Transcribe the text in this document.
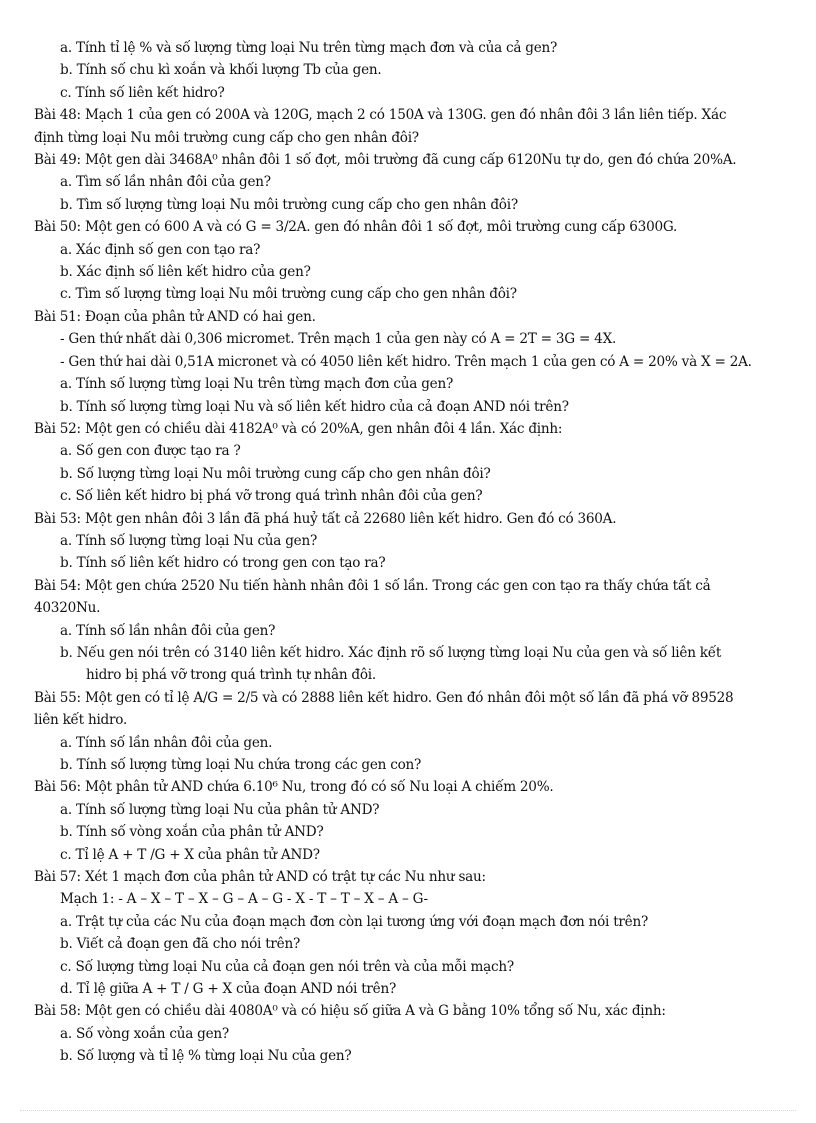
a. Tính tỉ lệ % và số lượng từng loại Nu trên từng mạch đơn và của cả gen?
b. Tính số chu kì xoắn và khối lượng Tb của gen.
c. Tính số liên kết hidro?
Bài 48: Mạch 1 của gen có 200A và 120G, mạch 2 có 150A và 130G. gen đó nhân đôi 3 lần liên tiếp. Xác
định từng loại Nu môi trường cung cấp cho gen nhân đôi?
Bài 49: Một gen dài 3468A⁰ nhân đôi 1 số đợt, môi trường đã cung cấp 6120Nu tự do, gen đó chứa 20%A.
a. Tìm số lần nhân đôi của gen?
b. Tìm số lượng từng loại Nu môi trường cung cấp cho gen nhân đôi?
Bài 50: Một gen có 600 A và có G = 3/2A. gen đó nhân đôi 1 số đợt, môi trường cung cấp 6300G.
a. Xác định số gen con tạo ra?
b. Xác định số liên kết hidro của gen?
c. Tìm số lượng từng loại Nu môi trường cung cấp cho gen nhân đôi?
Bài 51: Đoạn của phân tử AND có hai gen.
- Gen thứ nhất dài 0,306 micromet. Trên mạch 1 của gen này có A = 2T = 3G = 4X.
- Gen thứ hai dài 0,51A micronet và có 4050 liên kết hidro. Trên mạch 1 của gen có A = 20% và X = 2A.
a. Tính số lượng từng loại Nu trên từng mạch đơn của gen?
b. Tính số lượng từng loại Nu và số liên kết hidro của cả đoạn AND nói trên?
Bài 52: Một gen có chiều dài 4182A⁰ và có 20%A, gen nhân đôi 4 lần. Xác định:
a. Số gen con được tạo ra ?
b. Số lượng từng loại Nu môi trường cung cấp cho gen nhân đôi?
c. Số liên kết hidro bị phá vỡ trong quá trình nhân đôi của gen?
Bài 53: Một gen nhân đôi 3 lần đã phá huỷ tất cả 22680 liên kết hidro. Gen đó có 360A.
a. Tính số lượng từng loại Nu của gen?
b. Tính số liên kết hidro có trong gen con tạo ra?
Bài 54: Một gen chứa 2520 Nu tiến hành nhân đôi 1 số lần. Trong các gen con tạo ra thấy chứa tất cả
40320Nu.
a. Tính số lần nhân đôi của gen?
b. Nếu gen nói trên có 3140 liên kết hidro. Xác định rõ số lượng từng loại Nu của gen và số liên kết
hidro bị phá vỡ trong quá trình tự nhân đôi.
Bài 55: Một gen có tỉ lệ A/G = 2/5 và có 2888 liên kết hidro. Gen đó nhân đôi một số lần đã phá vỡ 89528
liên kết hidro.
a. Tính số lần nhân đôi của gen.
b. Tính số lượng từng loại Nu chứa trong các gen con?
Bài 56: Một phân tử AND chứa 6.10⁶ Nu, trong đó có số Nu loại A chiếm 20%.
a. Tính số lượng từng loại Nu của phân tử AND?
b. Tính số vòng xoắn của phân tử AND?
c. Tỉ lệ A + T /G + X của phân tử AND?
Bài 57: Xét 1 mạch đơn của phân tử AND có trật tự các Nu như sau:
Mạch 1: - A – X – T – X – G – A – G - X - T – T – X – A – G-
a. Trật tự của các Nu của đoạn mạch đơn còn lại tương ứng với đoạn mạch đơn nói trên?
b. Viết cả đoạn gen đã cho nói trên?
c. Số lượng từng loại Nu của cả đoạn gen nói trên và của mỗi mạch?
d. Tỉ lệ giữa A + T / G + X của đoạn AND nói trên?
Bài 58: Một gen có chiều dài 4080A⁰ và có hiệu số giữa A và G bằng 10% tổng số Nu, xác định:
a. Số vòng xoắn của gen?
b. Số lượng và tỉ lệ % từng loại Nu của gen?
